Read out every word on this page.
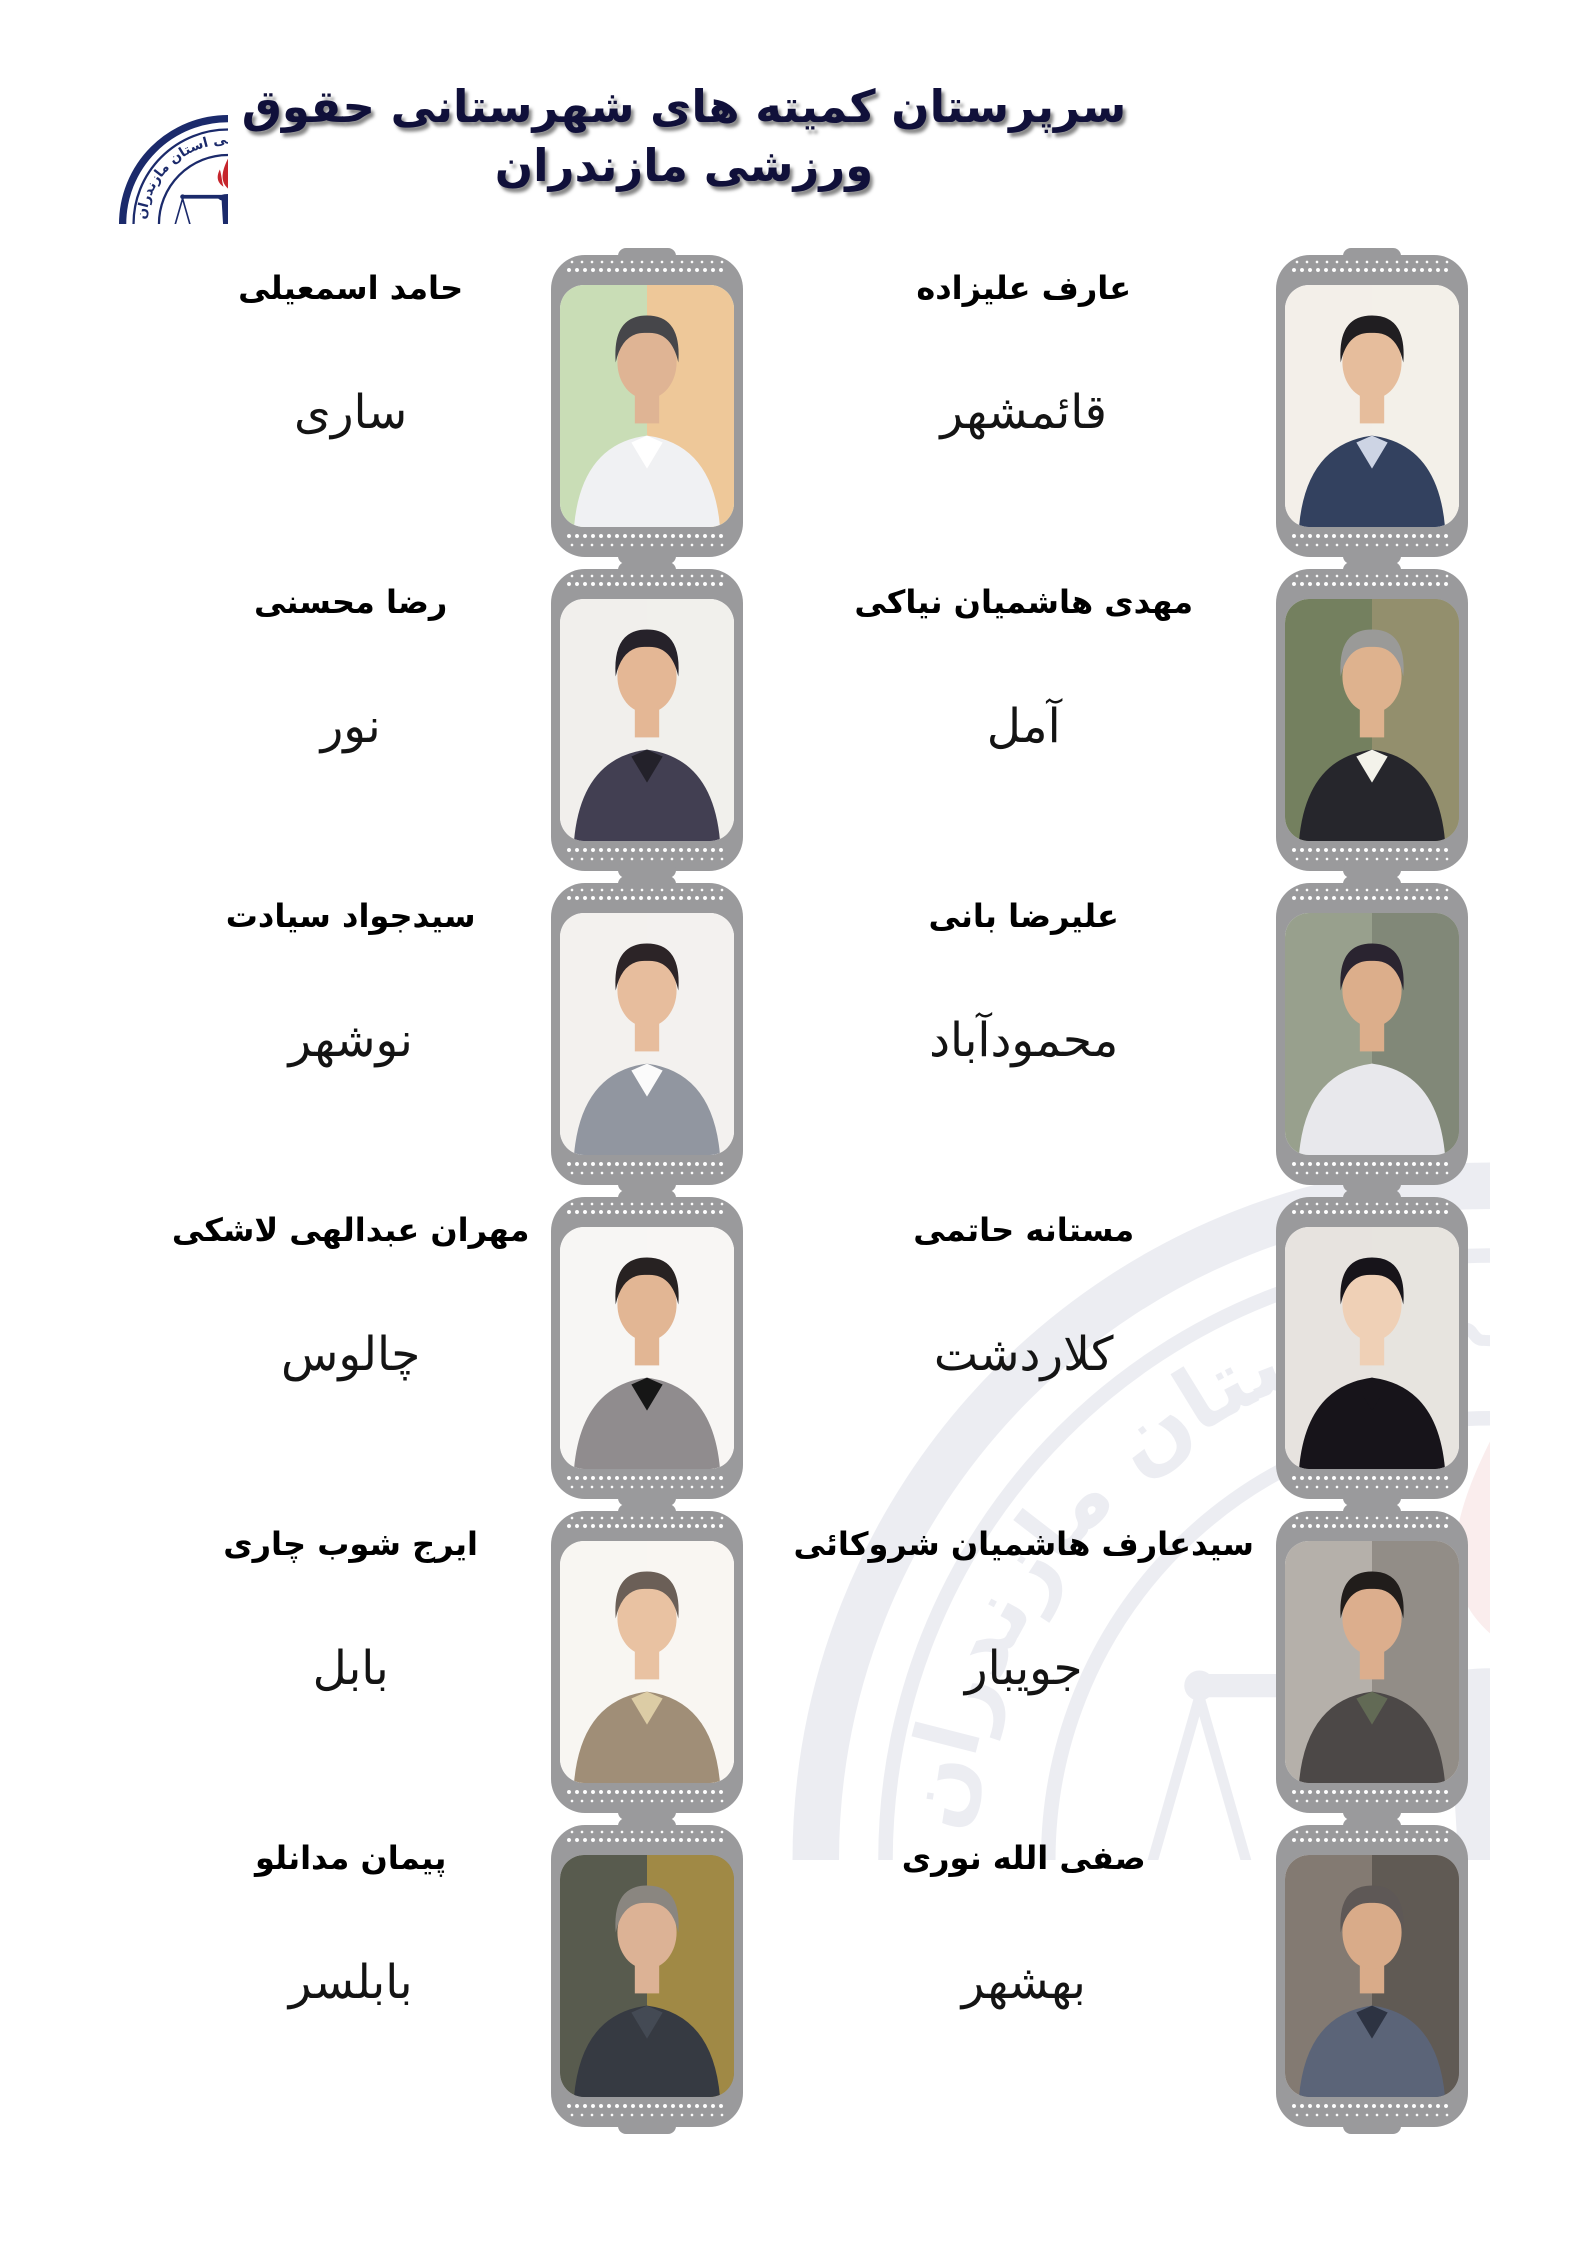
سرپرستان کمیته های شهرستانی حقوق ورزشی مازندران
عارف علیزاده
قائمشهر
حامد اسمعیلی
ساری
مهدی هاشمیان نیاکی
آمل
رضا محسنی
نور
علیرضا بانی
محمودآباد
سیدجواد سیادت
نوشهر
مستانه حاتمی
کلاردشت
مهران عبدالهی لاشکی
چالوس
سیدعارف هاشمیان شروکائی
جویبار
ایرج شوب چاری
بابل
صفی الله نوری
بهشهر
پیمان مدانلو
بابلسر
